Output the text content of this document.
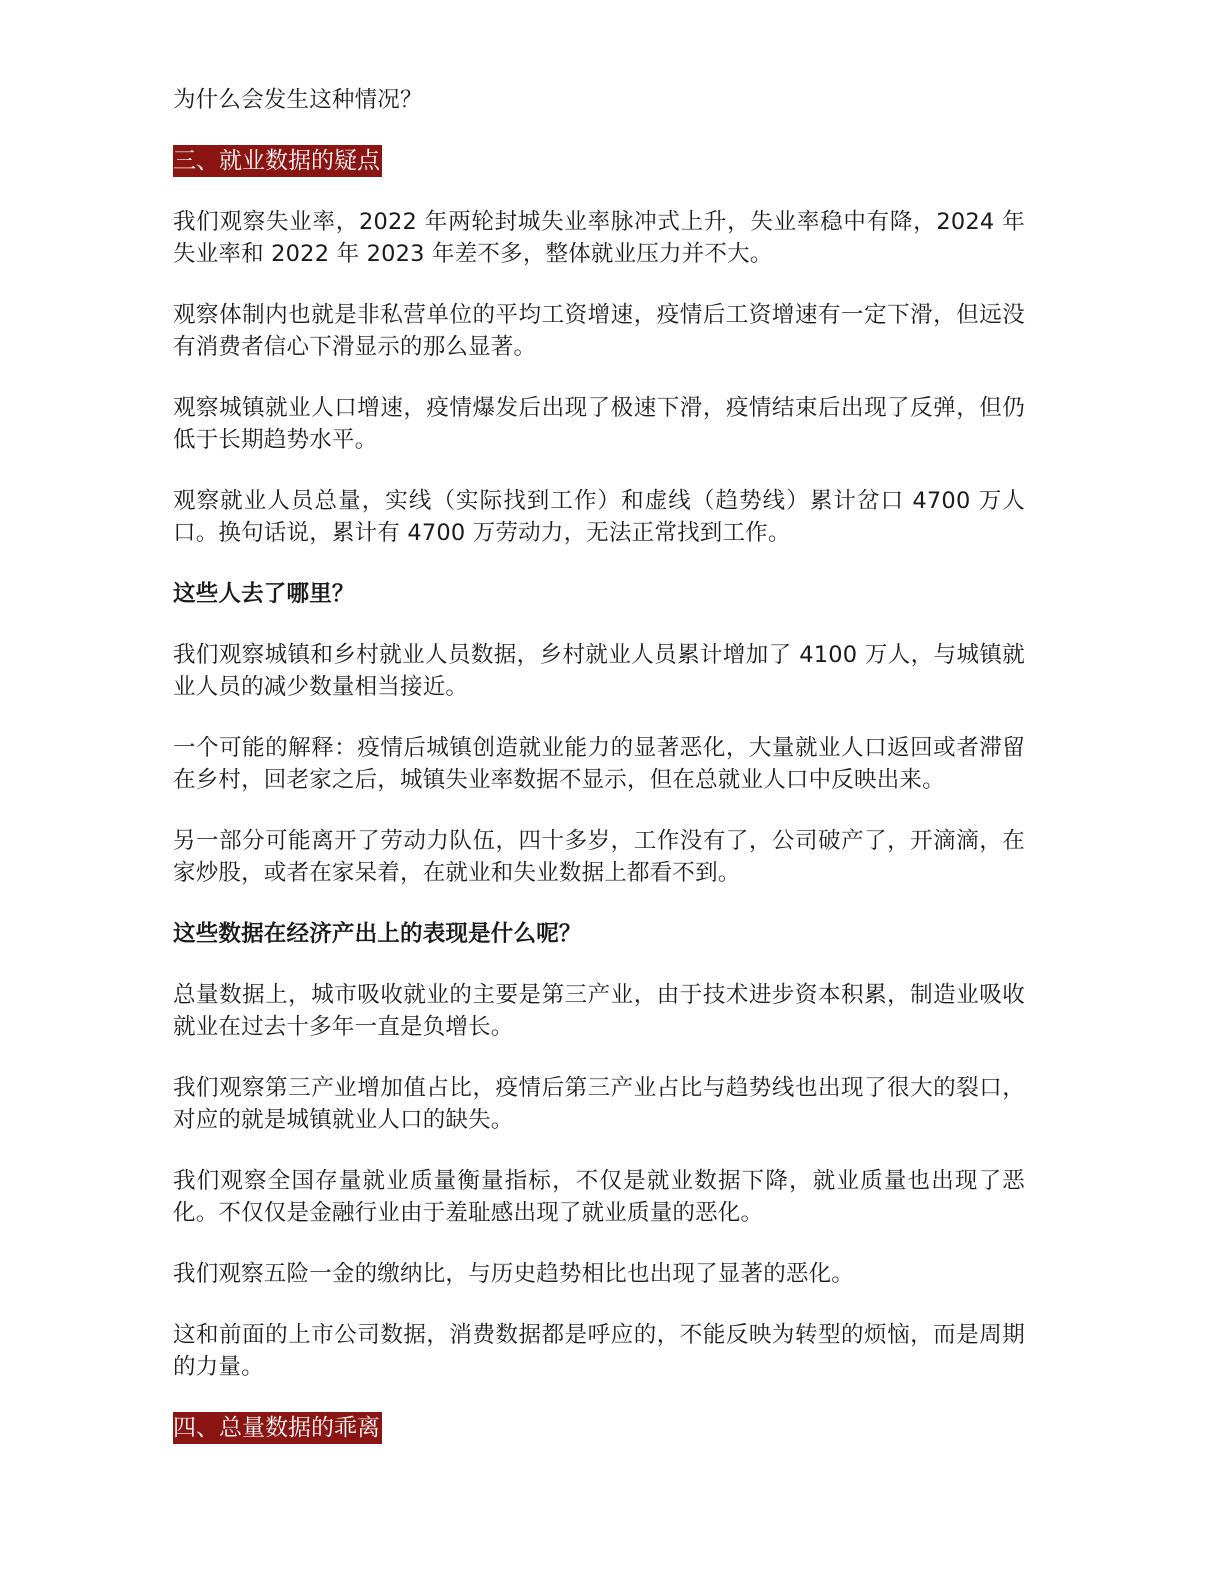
为什么会发生这种情况？

三、就业数据的疑点

我们观察失业率，2022 年两轮封城失业率脉冲式上升，失业率稳中有降，2024 年失业率和 2022 年 2023 年差不多，整体就业压力并不大。

观察体制内也就是非私营单位的平均工资增速，疫情后工资增速有一定下滑，但远没有消费者信心下滑显示的那么显著。

观察城镇就业人口增速，疫情爆发后出现了极速下滑，疫情结束后出现了反弹，但仍低于长期趋势水平。

观察就业人员总量，实线（实际找到工作）和虚线（趋势线）累计岔口 4700 万人口。换句话说，累计有 4700 万劳动力，无法正常找到工作。

这些人去了哪里？

我们观察城镇和乡村就业人员数据，乡村就业人员累计增加了 4100 万人，与城镇就业人员的减少数量相当接近。

一个可能的解释：疫情后城镇创造就业能力的显著恶化，大量就业人口返回或者滞留在乡村，回老家之后，城镇失业率数据不显示，但在总就业人口中反映出来。

另一部分可能离开了劳动力队伍，四十多岁，工作没有了，公司破产了，开滴滴，在家炒股，或者在家呆着，在就业和失业数据上都看不到。

这些数据在经济产出上的表现是什么呢？

总量数据上，城市吸收就业的主要是第三产业，由于技术进步资本积累，制造业吸收就业在过去十多年一直是负增长。

我们观察第三产业增加值占比，疫情后第三产业占比与趋势线也出现了很大的裂口，对应的就是城镇就业人口的缺失。

我们观察全国存量就业质量衡量指标，不仅是就业数据下降，就业质量也出现了恶化。不仅仅是金融行业由于羞耻感出现了就业质量的恶化。

我们观察五险一金的缴纳比，与历史趋势相比也出现了显著的恶化。

这和前面的上市公司数据，消费数据都是呼应的，不能反映为转型的烦恼，而是周期的力量。

四、总量数据的乖离
